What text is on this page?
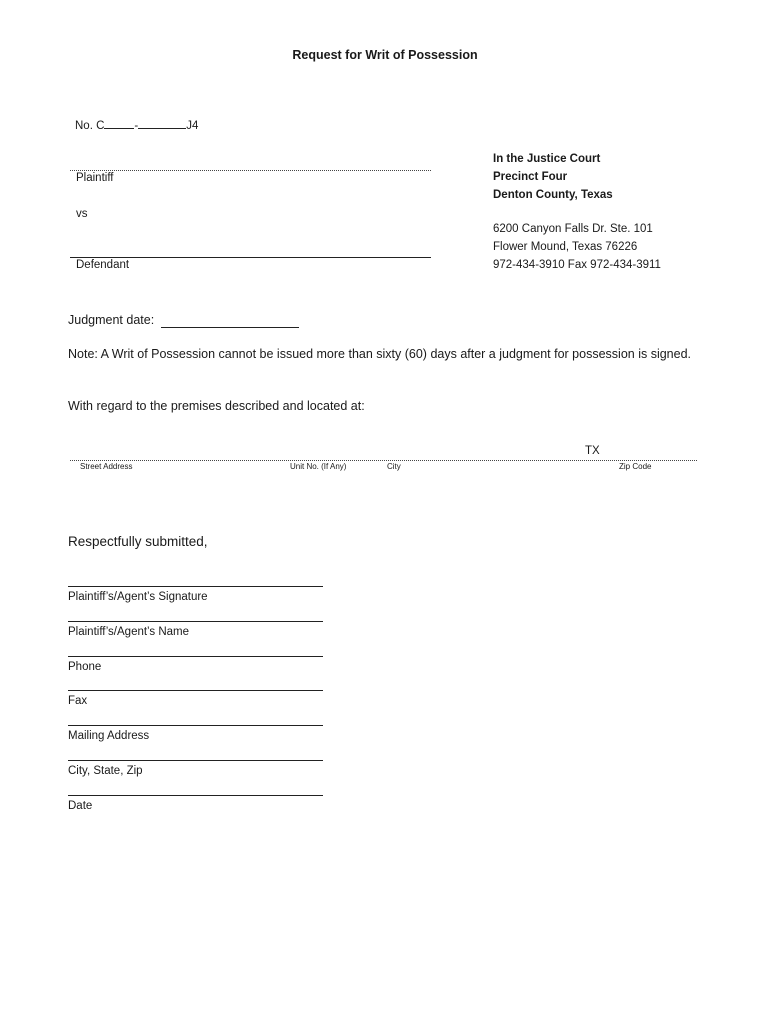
Request for Writ of Possession
No. C	-	J4
Plaintiff
vs
Defendant
In the Justice Court
Precinct Four
Denton County, Texas
6200 Canyon Falls Dr. Ste. 101
Flower Mound, Texas 76226
972-434-3910 Fax 972-434-3911
Judgment date:
Note: A Writ of Possession cannot be issued more than sixty (60) days after a judgment for possession is signed.
With regard to the premises described and located at:
TX
Street Address	Unit No. (If Any)	City	Zip Code
Respectfully submitted,
Plaintiff’s/Agent’s Signature
Plaintiff’s/Agent’s Name
Phone
Fax
Mailing Address
City, State, Zip
Date
